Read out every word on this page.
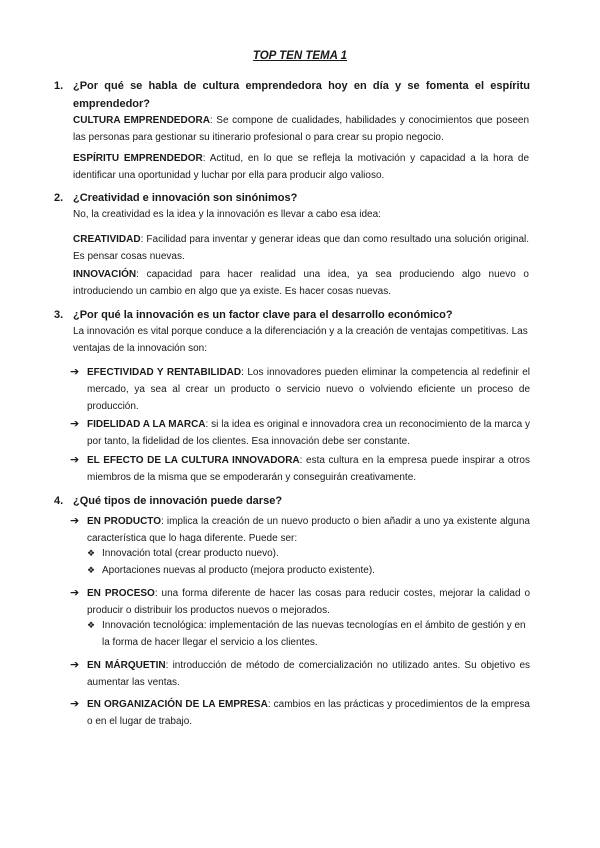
TOP TEN TEMA 1
1. ¿Por qué se habla de cultura emprendedora hoy en día y se fomenta el espíritu emprendedor?
CULTURA EMPRENDEDORA: Se compone de cualidades, habilidades y conocimientos que poseen las personas para gestionar su itinerario profesional o para crear su propio negocio.
ESPÍRITU EMPRENDEDOR: Actitud, en lo que se refleja la motivación y capacidad a la hora de identificar una oportunidad y luchar por ella para producir algo valioso.
2. ¿Creatividad e innovación son sinónimos?
No, la creatividad es la idea y la innovación es llevar a cabo esa idea:
CREATIVIDAD: Facilidad para inventar y generar ideas que dan como resultado una solución original. Es pensar cosas nuevas.
INNOVACIÓN: capacidad para hacer realidad una idea, ya sea produciendo algo nuevo o introduciendo un cambio en algo que ya existe. Es hacer cosas nuevas.
3. ¿Por qué la innovación es un factor clave para el desarrollo económico?
La innovación es vital porque conduce a la diferenciación y a la creación de ventajas competitivas. Las ventajas de la innovación son:
➔ EFECTIVIDAD Y RENTABILIDAD: Los innovadores pueden eliminar la competencia al redefinir el mercado, ya sea al crear un producto o servicio nuevo o volviendo eficiente un proceso de producción.
➔ FIDELIDAD A LA MARCA: si la idea es original e innovadora crea un reconocimiento de la marca y por tanto, la fidelidad de los clientes. Esa innovación debe ser constante.
➔ EL EFECTO DE LA CULTURA INNOVADORA: esta cultura en la empresa puede inspirar a otros miembros de la misma que se empoderarán y conseguirán creativamente.
4. ¿Qué tipos de innovación puede darse?
➔ EN PRODUCTO: implica la creación de un nuevo producto o bien añadir a uno ya existente alguna característica que lo haga diferente. Puede ser:
❖ Innovación total (crear producto nuevo).
❖ Aportaciones nuevas al producto (mejora producto existente).
➔ EN PROCESO: una forma diferente de hacer las cosas para reducir costes, mejorar la calidad o producir o distribuir los productos nuevos o mejorados.
❖ Innovación tecnológica: implementación de las nuevas tecnologías en el ámbito de gestión y en la forma de hacer llegar el servicio a los clientes.
➔ EN MÁRQUETIN: introducción de método de comercialización no utilizado antes. Su objetivo es aumentar las ventas.
➔ EN ORGANIZACIÓN DE LA EMPRESA: cambios en las prácticas y procedimientos de la empresa o en el lugar de trabajo.
